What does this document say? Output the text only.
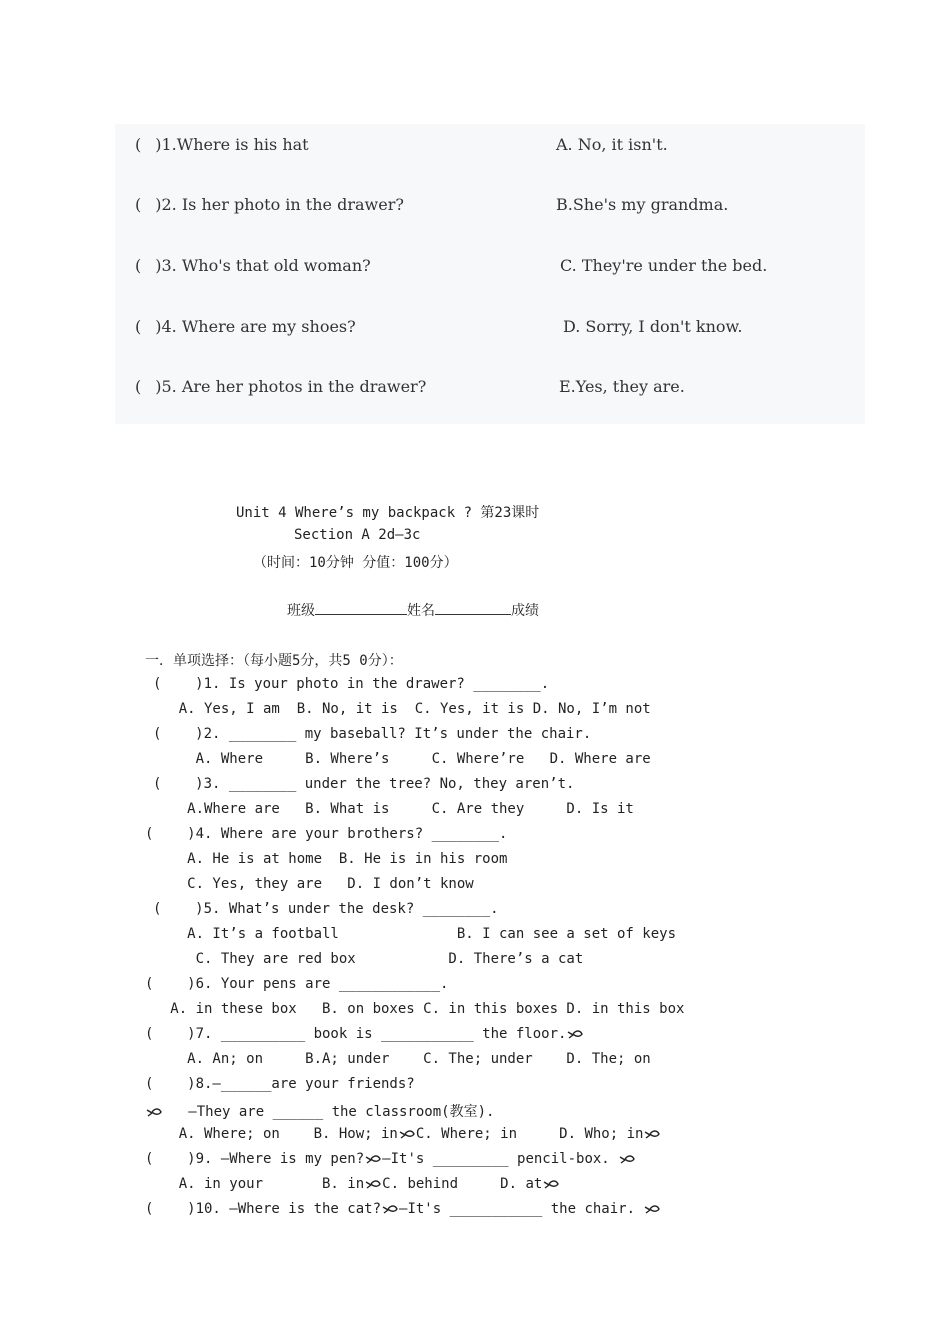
( )1.Where is his hat	A. No, it isn't.
( )2. Is her photo in the drawer?	B.She's my grandma.
( )3. Who's that old woman?	C. They're under the bed.
( )4. Where are my shoes?	D. Sorry, I don't know.
( )5. Are her photos in the drawer?	E.Yes, they are.
Unit 4 Where’s my backpack ? 第23课时
Section A 2d—3c
（时间：10分钟 分值：100分）
班级	姓名	成绩
一．单项选择：（每小题5分，共5 0分）：
(    )1. Is your photo in the drawer? ________.
A. Yes, I am  B. No, it is  C. Yes, it is D. No, I’m not
(    )2. ________ my baseball? It’s under the chair.
A. Where     B. Where’s     C. Where’re   D. Where are
(    )3. ________ under the tree? No, they aren’t.
A.Where are   B. What is     C. Are they     D. Is it
(    )4. Where are your brothers? ________.
A. He is at home  B. He is in his room
C. Yes, they are   D. I don’t know
(    )5. What’s under the desk? ________.
A. It’s a football              B. I can see a set of keys
C. They are red box           D. There’s a cat
(    )6. Your pens are ____________.
A. in these box   B. on boxes C. in this boxes D. in this box
(    )7. __________ book is ___________ the floor.
A. An; on     B.A; under    C. The; under    D. The; on
(    )8.—______are your friends?
—They are ______ the classroom(教室).
A. Where; on    B. How; in C. Where; in     D. Who; in
(    )9. —Where is my pen? —It's _________ pencil-box.
A. in your       B. in C. behind     D. at
(    )10. —Where is the cat? —It's ___________ the chair.
